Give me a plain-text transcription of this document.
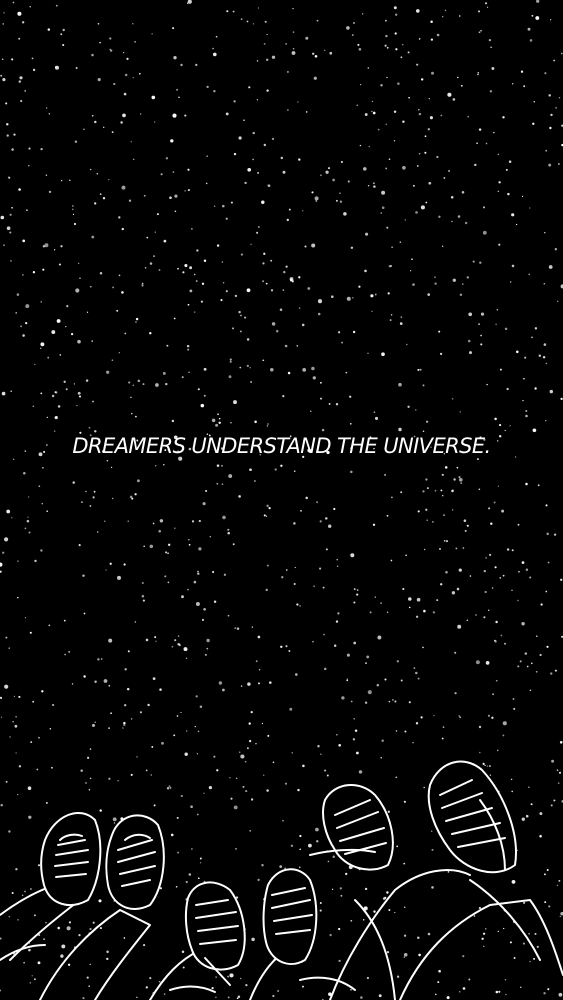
DREAMERS UNDERSTAND THE UNIVERSE.
